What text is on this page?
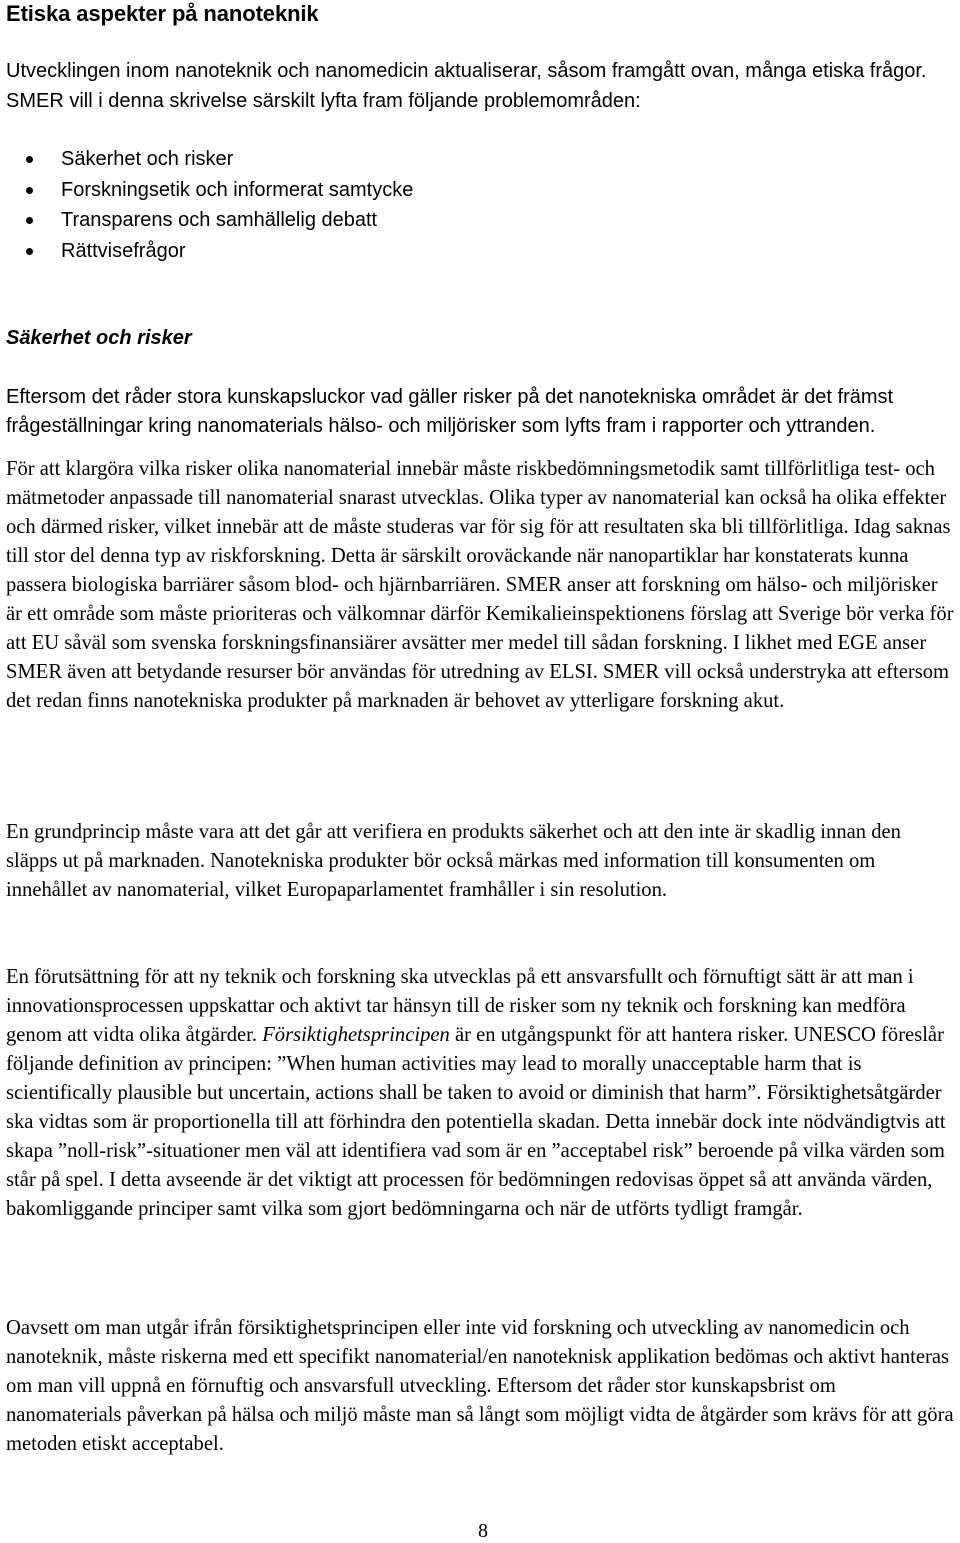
Etiska aspekter på nanoteknik

Utvecklingen inom nanoteknik och nanomedicin aktualiserar, såsom framgått ovan, många etiska frågor. SMER vill i denna skrivelse särskilt lyfta fram följande problemområden:

Säkerhet och risker
Forskningsetik och informerat samtycke
Transparens och samhällelig debatt
Rättvisefrågor
Säkerhet och risker

Eftersom det råder stora kunskapsluckor vad gäller risker på det nanotekniska området är det främst frågeställningar kring nanomaterials hälso- och miljörisker som lyfts fram i rapporter och yttranden.

För att klargöra vilka risker olika nanomaterial innebär måste riskbedömningsmetodik samt tillförlitliga test- och mätmetoder anpassade till nanomaterial snarast utvecklas. Olika typer av nanomaterial kan också ha olika effekter och därmed risker, vilket innebär att de måste studeras var för sig för att resultaten ska bli tillförlitliga. Idag saknas till stor del denna typ av riskforskning. Detta är särskilt oroväckande när nanopartiklar har konstaterats kunna passera biologiska barriärer såsom blod- och hjärnbarriären. SMER anser att forskning om hälso- och miljörisker är ett område som måste prioriteras och välkomnar därför Kemikalieinspektionens förslag att Sverige bör verka för att EU såväl som svenska forskningsfinansiärer avsätter mer medel till sådan forskning. I likhet med EGE anser SMER även att betydande resurser bör användas för utredning av ELSI. SMER vill också understryka att eftersom det redan finns nanotekniska produkter på marknaden är behovet av ytterligare forskning akut.

En grundprincip måste vara att det går att verifiera en produkts säkerhet och att den inte är skadlig innan den släpps ut på marknaden. Nanotekniska produkter bör också märkas med information till konsumenten om innehållet av nanomaterial, vilket Europaparlamentet framhåller i sin resolution.

En förutsättning för att ny teknik och forskning ska utvecklas på ett ansvarsfullt och förnuftigt sätt är att man i innovationsprocessen uppskattar och aktivt tar hänsyn till de risker som ny teknik och forskning kan medföra genom att vidta olika åtgärder. Försiktighetsprincipen är en utgångspunkt för att hantera risker. UNESCO föreslår följande definition av principen: ”When human activities may lead to morally unacceptable harm that is scientifically plausible but uncertain, actions shall be taken to avoid or diminish that harm”. Försiktighetsåtgärder ska vidtas som är proportionella till att förhindra den potentiella skadan. Detta innebär dock inte nödvändigtvis att skapa ”noll-risk”-situationer men väl att identifiera vad som är en ”acceptabel risk” beroende på vilka värden som står på spel. I detta avseende är det viktigt att processen för bedömningen redovisas öppet så att använda värden, bakomliggande principer samt vilka som gjort bedömningarna och när de utförts tydligt framgår.

Oavsett om man utgår ifrån försiktighetsprincipen eller inte vid forskning och utveckling av nanomedicin och nanoteknik, måste riskerna med ett specifikt nanomaterial/en nanoteknisk applikation bedömas och aktivt hanteras om man vill uppnå en förnuftig och ansvarsfull utveckling. Eftersom det råder stor kunskapsbrist om nanomaterials påverkan på hälsa och miljö måste man så långt som möjligt vidta de åtgärder som krävs för att göra metoden etiskt acceptabel.

8
